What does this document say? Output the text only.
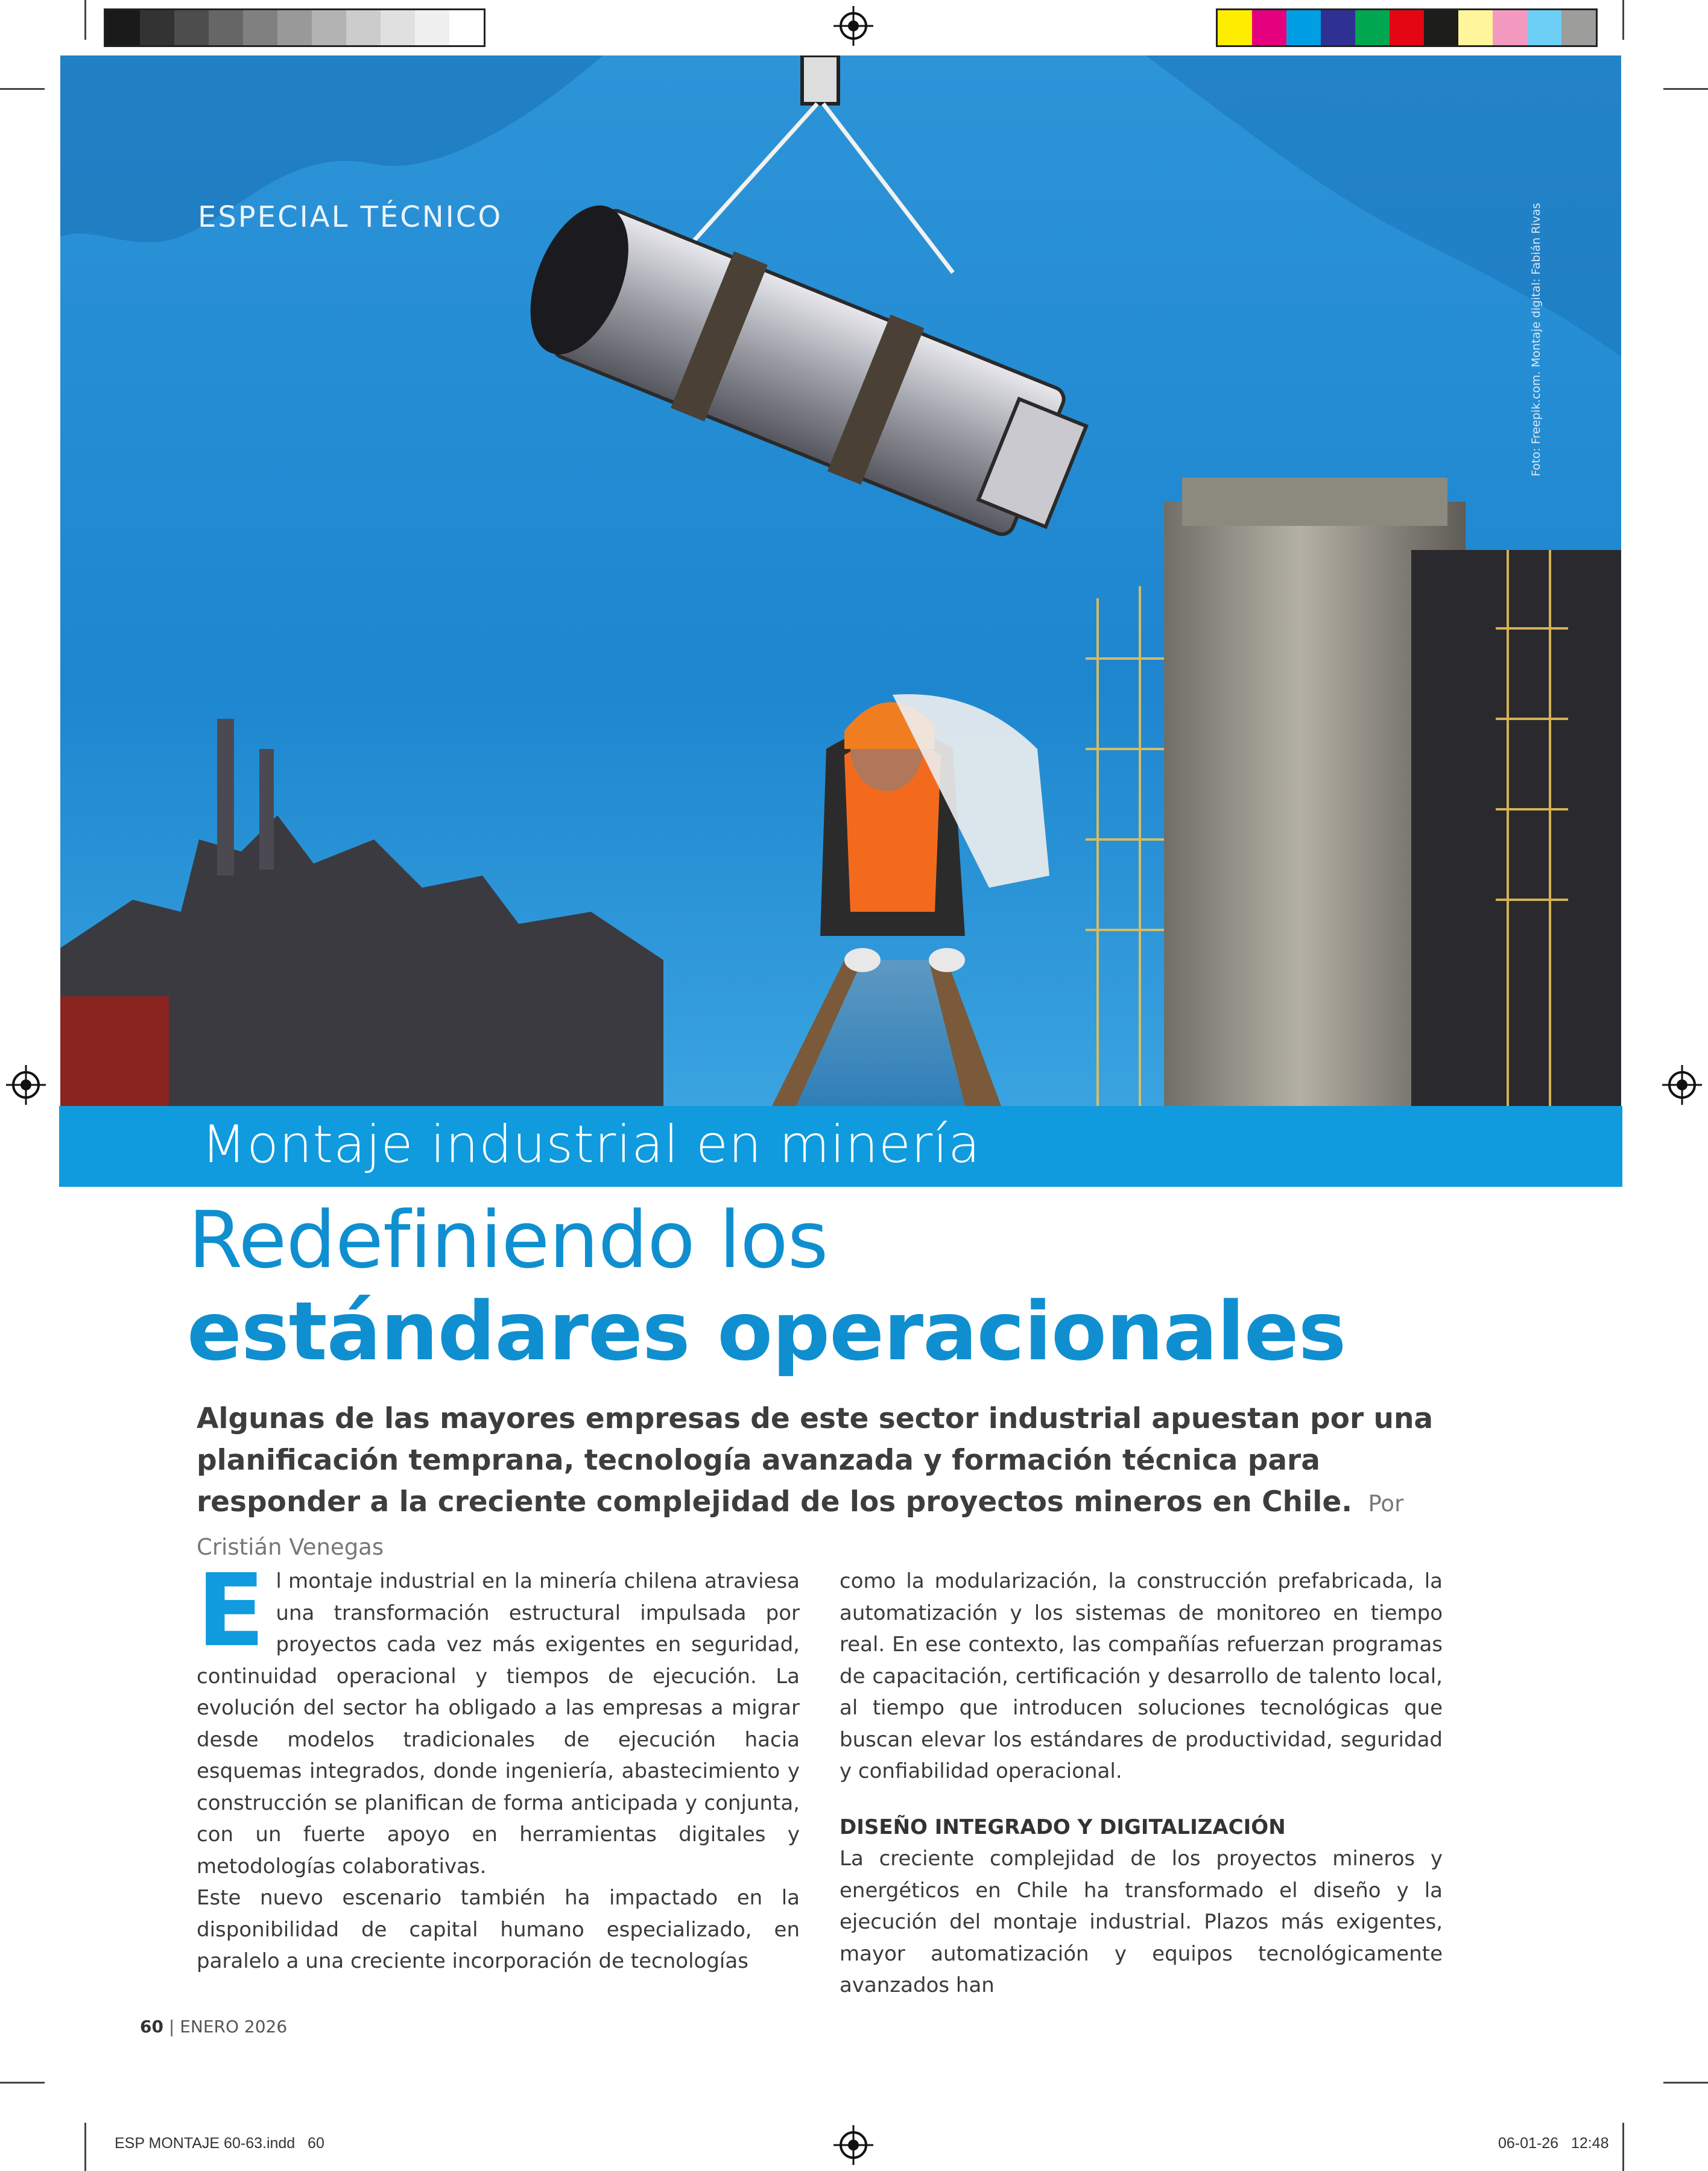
ESPECIAL TÉCNICO	Foto: Freepik.com. Montaje digital: Fabián Rivas
Montaje industrial en minería
Redefiniendo los
estándares operacionales
Algunas de las mayores empresas de este sector industrial apuestan por una planificación temprana, tecnología avanzada y formación técnica para responder a la creciente complejidad de los proyectos mineros en Chile. Por Cristián Venegas

El montaje industrial en la minería chilena atraviesa una transformación estructural impulsada por proyectos cada vez más exigentes en seguridad, continuidad operacional y tiempos de ejecución. La evolución del sector ha obligado a las empresas a migrar desde modelos tradicionales de ejecución hacia esquemas integrados, donde ingeniería, abastecimiento y construcción se planifican de forma anticipada y conjunta, con un fuerte apoyo en herramientas digitales y metodologías colaborativas.

Este nuevo escenario también ha impactado en la disponibilidad de capital humano especializado, en paralelo a una creciente incorporación de tecnologías

como la modularización, la construcción prefabricada, la automatización y los sistemas de monitoreo en tiempo real. En ese contexto, las compañías refuerzan programas de capacitación, certificación y desarrollo de talento local, al tiempo que introducen soluciones tecnológicas que buscan elevar los estándares de productividad, seguridad y confiabilidad operacional.

DISEÑO INTEGRADO Y DIGITALIZACIÓN

La creciente complejidad de los proyectos mineros y energéticos en Chile ha transformado el diseño y la ejecución del montaje industrial. Plazos más exigentes, mayor automatización y equipos tecnológicamente avanzados han

60 | ENERO 2026
ESP MONTAJE 60-63.indd   60	06-01-26   12:48
